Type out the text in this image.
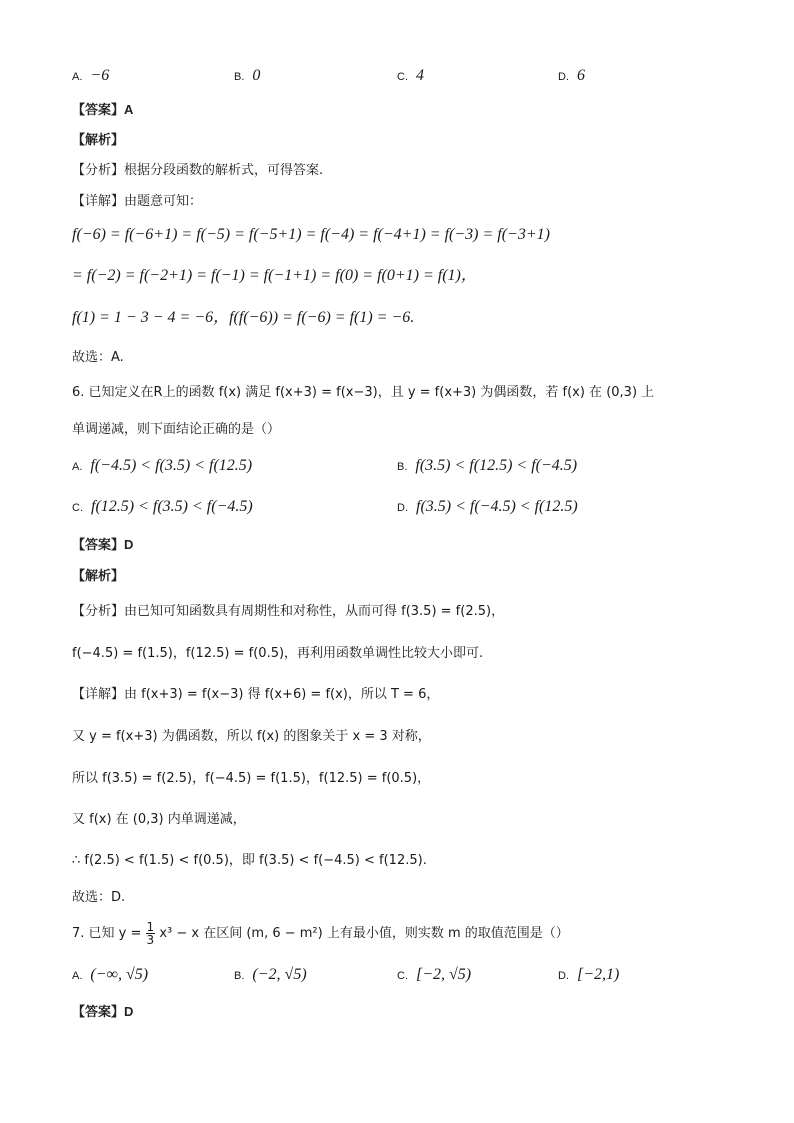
A. −6	B. 0	C. 4	D. 6
【答案】A
【解析】
【分析】根据分段函数的解析式，可得答案.
【详解】由题意可知：
f(−6) = f(−6+1) = f(−5) = f(−5+1) = f(−4) = f(−4+1) = f(−3) = f(−3+1)
= f(−2) = f(−2+1) = f(−1) = f(−1+1) = f(0) = f(0+1) = f(1)，
f(1) = 1 − 3 − 4 = −6，f(f(−6)) = f(−6) = f(1) = −6.
故选：A.
6. 已知定义在R上的函数 f(x) 满足 f(x+3) = f(x−3)，且 y = f(x+3) 为偶函数，若 f(x) 在 (0,3) 上
单调递减，则下面结论正确的是（）
A. f(−4.5) < f(3.5) < f(12.5)	B. f(3.5) < f(12.5) < f(−4.5)
C. f(12.5) < f(3.5) < f(−4.5)	D. f(3.5) < f(−4.5) < f(12.5)
【答案】D
【解析】
【分析】由已知可知函数具有周期性和对称性，从而可得 f(3.5) = f(2.5)，
f(−4.5) = f(1.5)，f(12.5) = f(0.5)，再利用函数单调性比较大小即可.
【详解】由 f(x+3) = f(x−3) 得 f(x+6) = f(x)，所以 T = 6，
又 y = f(x+3) 为偶函数，所以 f(x) 的图象关于 x = 3 对称，
所以 f(3.5) = f(2.5)，f(−4.5) = f(1.5)，f(12.5) = f(0.5)，
又 f(x) 在 (0,3) 内单调递减，
∴ f(2.5) < f(1.5) < f(0.5)，即 f(3.5) < f(−4.5) < f(12.5).
故选：D.
7. 已知 $y = \frac{1}{3} x^3 - x$ 在区间 (m, 6 − m²) 上有最小值，则实数 m 的取值范围是（）
A. (−∞, √5)	B. (−2, √5)	C. [−2, √5)	D. [−2,1)
【答案】D
